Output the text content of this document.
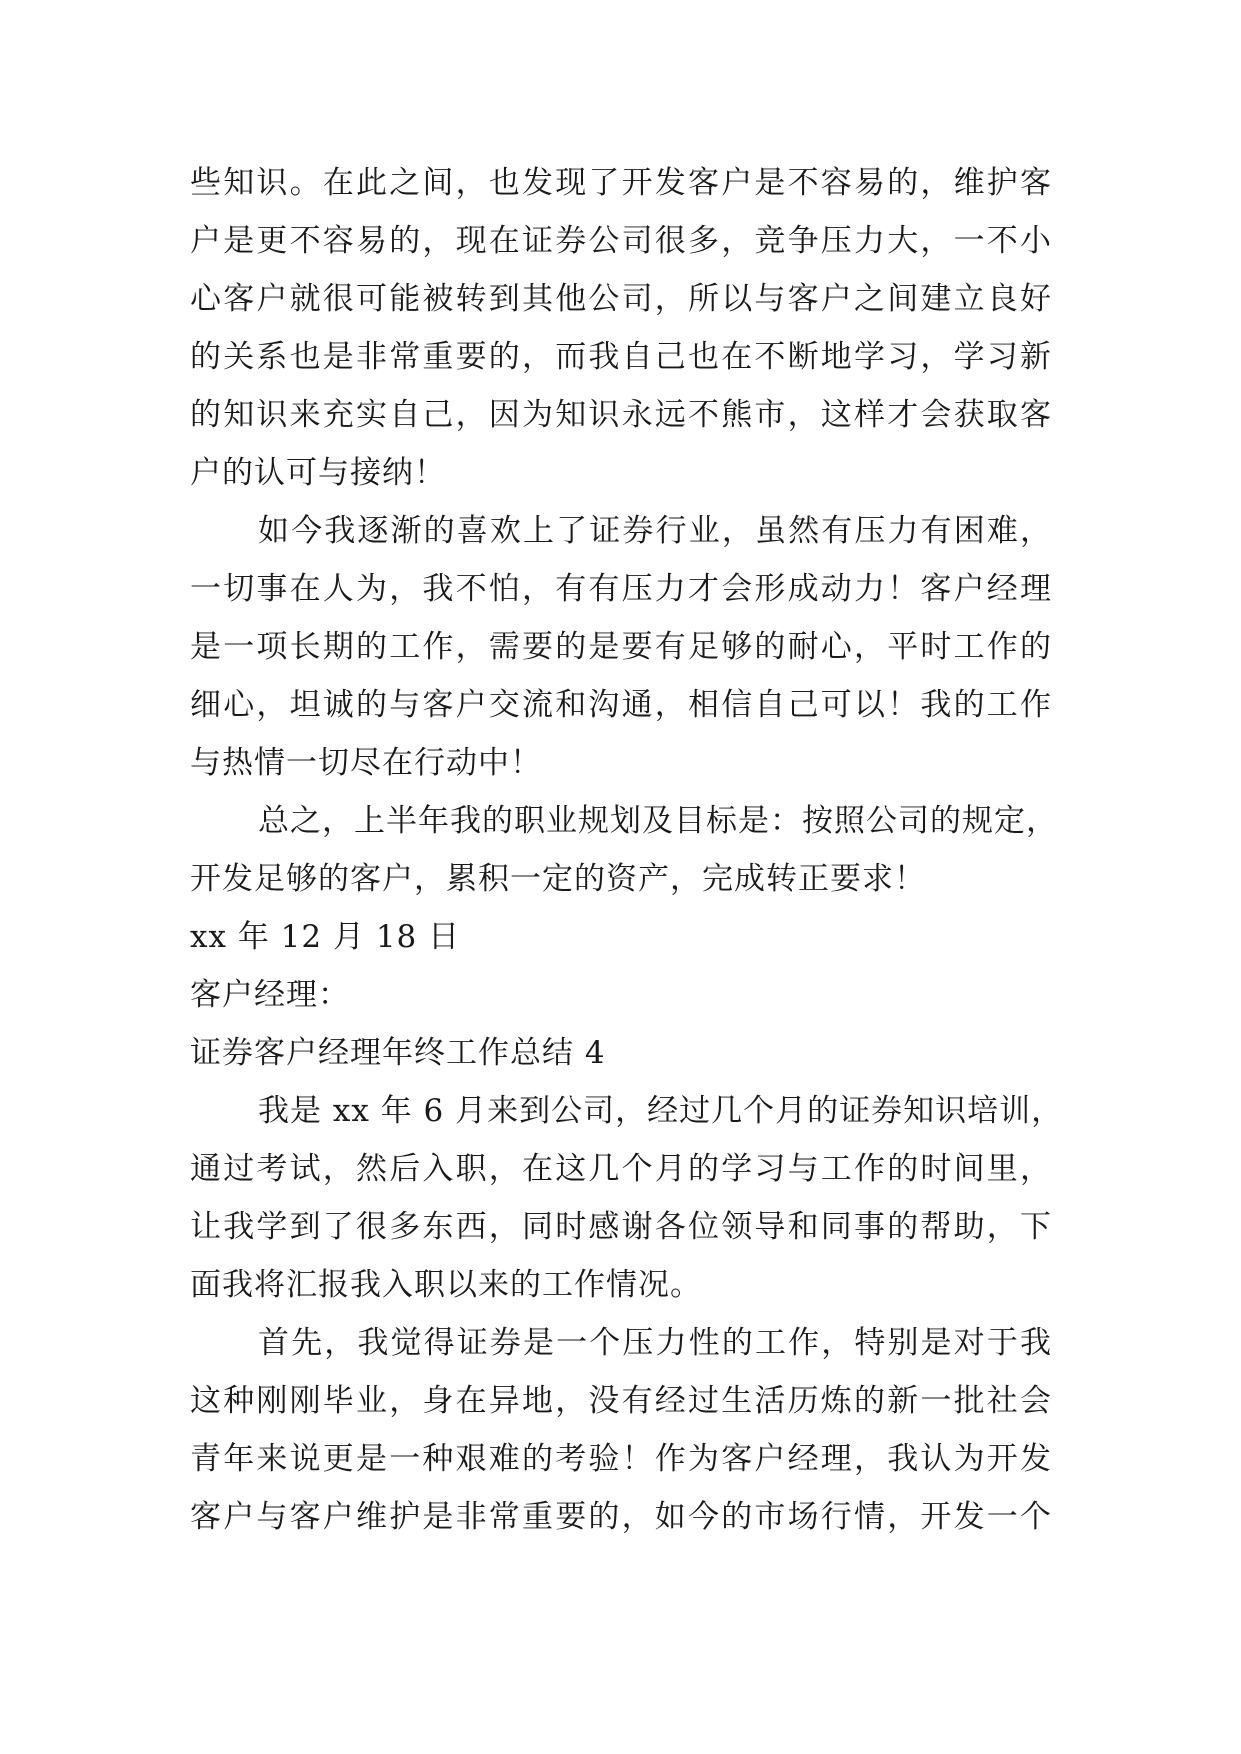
些知识。在此之间，也发现了开发客户是不容易的，维护客
户是更不容易的，现在证券公司很多，竞争压力大，一不小
心客户就很可能被转到其他公司，所以与客户之间建立良好
的关系也是非常重要的，而我自己也在不断地学习，学习新
的知识来充实自己，因为知识永远不熊市，这样才会获取客
户的认可与接纳！
如今我逐渐的喜欢上了证券行业，虽然有压力有困难，
一切事在人为，我不怕，有有压力才会形成动力！客户经理
是一项长期的工作，需要的是要有足够的耐心，平时工作的
细心，坦诚的与客户交流和沟通，相信自己可以！我的工作
与热情一切尽在行动中！
总之，上半年我的职业规划及目标是：按照公司的规定，
开发足够的客户，累积一定的资产，完成转正要求！
xx 年 12 月 18 日
客户经理：
证券客户经理年终工作总结 4
我是 xx 年 6 月来到公司，经过几个月的证券知识培训，
通过考试，然后入职，在这几个月的学习与工作的时间里，
让我学到了很多东西，同时感谢各位领导和同事的帮助，下
面我将汇报我入职以来的工作情况。
首先，我觉得证券是一个压力性的工作，特别是对于我
这种刚刚毕业，身在异地，没有经过生活历炼的新一批社会
青年来说更是一种艰难的考验！作为客户经理，我认为开发
客户与客户维护是非常重要的，如今的市场行情，开发一个
